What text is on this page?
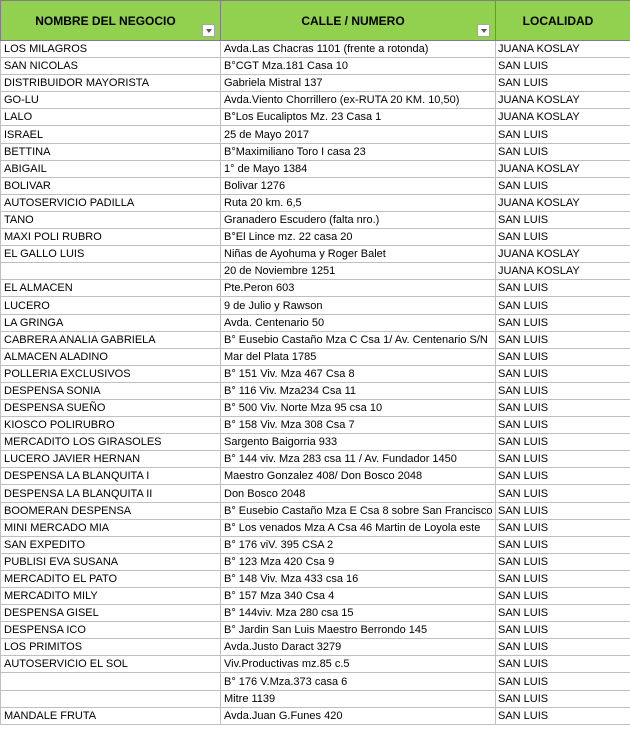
NOMBRE DEL NEGOCIO	CALLE / NUMERO	LOCALIDAD
LOS MILAGROS	Avda.Las Chacras 1101 (frente a rotonda)	JUANA KOSLAY
SAN NICOLAS	B°CGT Mza.181 Casa 10	SAN LUIS
DISTRIBUIDOR MAYORISTA	Gabriela Mistral 137	SAN LUIS
GO-LU	Avda.Viento Chorrillero (ex-RUTA 20 KM. 10,50)	JUANA KOSLAY
LALO	B°Los Eucaliptos Mz. 23 Casa 1	JUANA KOSLAY
ISRAEL	25 de Mayo 2017	SAN LUIS
BETTINA	B°Maximiliano Toro I casa 23	SAN LUIS
ABIGAIL	1° de Mayo 1384	JUANA KOSLAY
BOLIVAR	Bolivar 1276	SAN LUIS
AUTOSERVICIO PADILLA	Ruta 20 km. 6,5	JUANA KOSLAY
TANO	Granadero Escudero (falta nro.)	SAN LUIS
MAXI POLI RUBRO	B°El Lince mz. 22 casa 20	SAN LUIS
EL GALLO LUIS	Niñas de Ayohuma y Roger Balet	JUANA KOSLAY
	20 de Noviembre 1251	JUANA KOSLAY
EL ALMACEN	Pte.Peron 603	SAN LUIS
LUCERO	9 de Julio y Rawson	SAN LUIS
LA GRINGA	Avda. Centenario 50	SAN LUIS
CABRERA ANALIA GABRIELA	B° Eusebio Castaño Mza C Csa 1/ Av. Centenario S/N	SAN LUIS
ALMACEN ALADINO	Mar del Plata 1785	SAN LUIS
POLLERIA EXCLUSIVOS	B° 151 Viv. Mza 467 Csa 8	SAN LUIS
DESPENSA SONIA	B° 116 Viv. Mza234 Csa 11	SAN LUIS
DESPENSA SUEÑO	B° 500 Viv. Norte Mza 95 csa 10	SAN LUIS
KIOSCO POLIRUBRO	B° 158 Viv. Mza 308 Csa 7	SAN LUIS
MERCADITO LOS GIRASOLES	Sargento Baigorria 933	SAN LUIS
LUCERO JAVIER HERNAN	B° 144 viv. Mza 283 csa 11 / Av. Fundador 1450	SAN LUIS
DESPENSA LA BLANQUITA I	Maestro Gonzalez 408/ Don Bosco 2048	SAN LUIS
DESPENSA LA BLANQUITA II	Don Bosco 2048	SAN LUIS
BOOMERAN DESPENSA	B° Eusebio Castaño Mza E Csa 8 sobre San Francisco	SAN LUIS
MINI MERCADO MIA	B° Los venados Mza A Csa 46 Martin de Loyola este	SAN LUIS
SAN EXPEDITO	B° 176 viV. 395 CSA 2	SAN LUIS
PUBLISI EVA SUSANA	B° 123 Mza 420 Csa 9	SAN LUIS
MERCADITO EL PATO	B° 148 Viv. Mza 433 csa 16	SAN LUIS
MERCADITO MILY	B° 157 Mza 340 Csa 4	SAN LUIS
DESPENSA GISEL	B° 144viv. Mza 280 csa 15	SAN LUIS
DESPENSA ICO	B° Jardin San Luis Maestro Berrondo 145	SAN LUIS
LOS PRIMITOS	Avda.Justo Daract 3279	SAN LUIS
AUTOSERVICIO EL SOL	Viv.Productivas mz.85 c.5	SAN LUIS
	B° 176 V.Mza.373 casa 6	SAN LUIS
	Mitre 1139	SAN LUIS
MANDALE FRUTA	Avda.Juan G.Funes 420	SAN LUIS
